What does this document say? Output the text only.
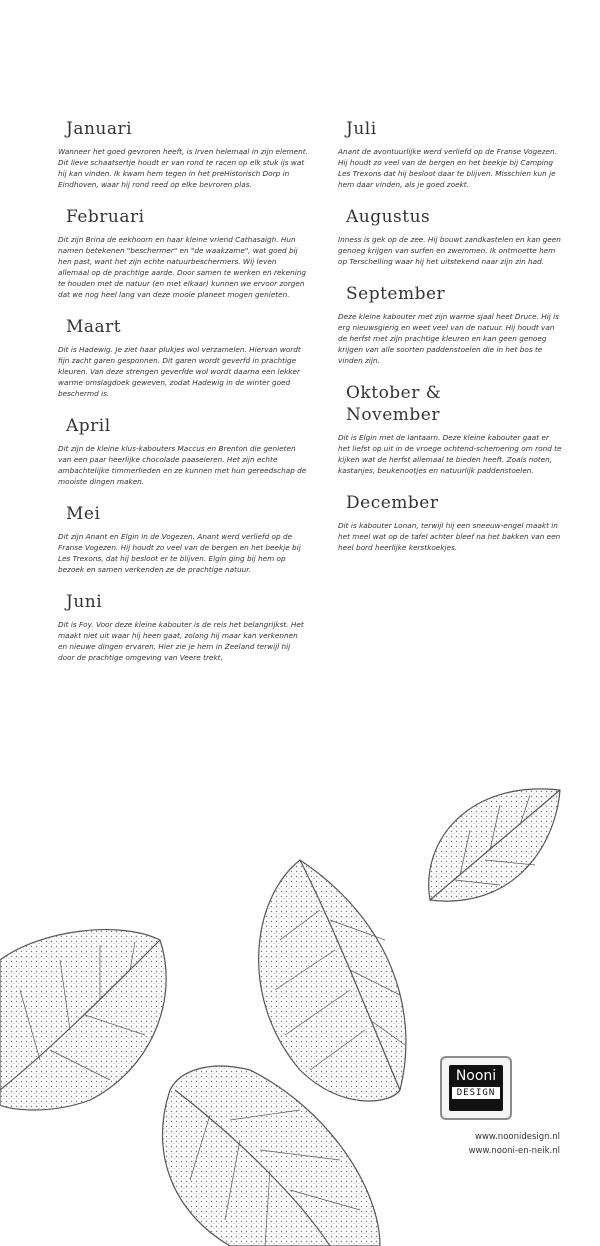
Januari

Wanneer het goed gevroren heeft, is Irven helemaal in zijn element. Dit lieve schaatsertje houdt er van rond te racen op elk stuk ijs wat hij kan vinden. Ik kwam hem tegen in het preHistorisch Dorp in Eindhoven, waar hij rond reed op elke bevroren plas.

Februari

Dit zijn Brina de eekhoorn en haar kleine vriend Cathasaigh. Hun namen betekenen "beschermer" en "de waakzame", wat goed bij hen past, want het zijn echte natuurbeschermers. Wij leven allemaal op de prachtige aarde. Door samen te werken en rekening te houden met de natuur (en met elkaar) kunnen we ervoor zorgen dat we nog heel lang van deze mooie planeet mogen genieten.

Maart

Dit is Hadewig. Je ziet haar plukjes wol verzamelen. Hiervan wordt fijn zacht garen gesponnen. Dit garen wordt geverfd in prachtige kleuren. Van deze strengen geverfde wol wordt daarna een lekker warme omslagdoek geweven, zodat Hadewig in de winter goed beschermd is.

April

Dit zijn de kleine klus-kabouters Maccus en Brenton die genieten van een paar heerlijke chocolade paaseieren. Het zijn echte ambachtelijke timmerlieden en ze kunnen met hun gereedschap de mooiste dingen maken.

Mei

Dit zijn Anant en Elgin in de Vogezen. Anant werd verliefd op de Franse Vogezen. Hij houdt zo veel van de bergen en het beekje bij Les Trexons, dat hij besloot er te blijven. Elgin ging bij hem op bezoek en samen verkenden ze de prachtige natuur.

Juni

Dit is Foy. Voor deze kleine kabouter is de reis het belangrijkst. Het maakt niet uit waar hij heen gaat, zolang hij maar kan verkennen en nieuwe dingen ervaren. Hier zie je hem in Zeeland terwijl hij door de prachtige omgeving van Veere trekt.

Juli

Anant de avontuurlijke werd verliefd op de Franse Vogezen. Hij houdt zo veel van de bergen en het beekje bij Camping Les Trexons dat hij besloot daar te blijven. Misschien kun je hem daar vinden, als je goed zoekt.

Augustus

Inness is gek op de zee. Hij bouwt zandkastelen en kan geen genoeg krijgen van surfen en zwemmen. Ik ontmoette hem op Terschelling waar hij het uitstekend naar zijn zin had.

September

Deze kleine kabouter met zijn warme sjaal heet Druce. Hij is erg nieuwsgierig en weet veel van de natuur. Hij houdt van de herfst met zijn prachtige kleuren en kan geen genoeg krijgen van alle soorten paddenstoelen die in het bos te vinden zijn.

Oktober & November

Dit is Elgin met de lantaarn. Deze kleine kabouter gaat er het liefst op uit in de vroege ochtend-schemering om rond te kijken wat de herfst allemaal te bieden heeft. Zoals noten, kastanjes, beukenootjes en natuurlijk paddenstoelen.

December

Dit is kabouter Lonan, terwijl hij een sneeuw-engel maakt in het meel wat op de tafel achter bleef na het bakken van een heel bord heerlijke kerstkoekjes.

Nooni
DESIGN
www.noonidesign.nl
www.nooni-en-neik.nl
